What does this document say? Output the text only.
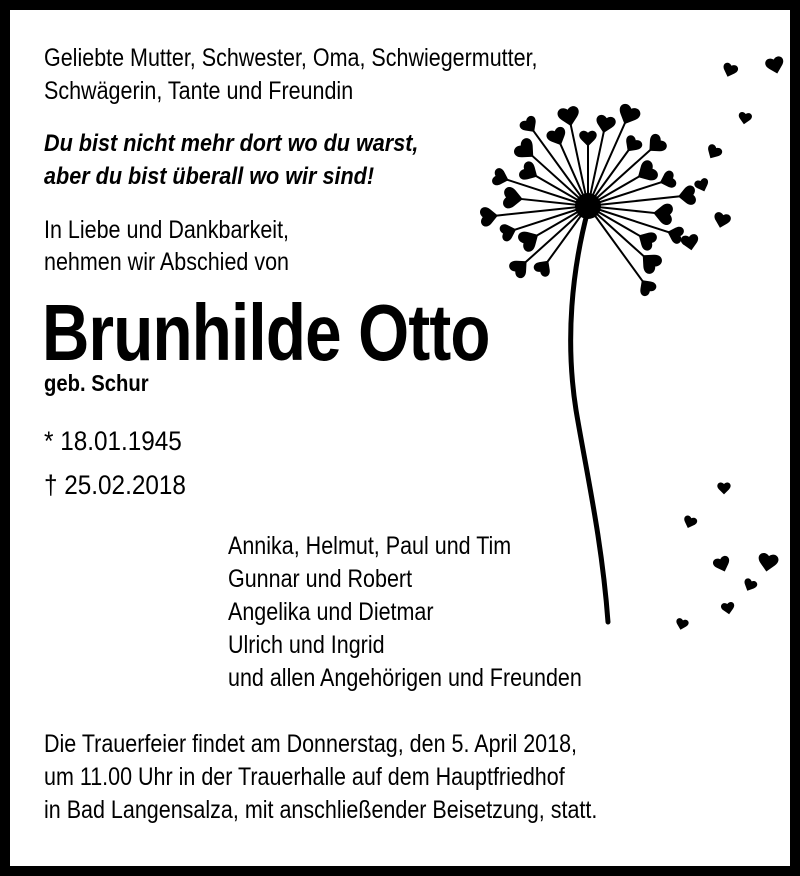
Geliebte Mutter, Schwester, Oma, Schwiegermutter,
Schwägerin, Tante und Freundin
Du bist nicht mehr dort wo du warst,
aber du bist überall wo wir sind!
In Liebe und Dankbarkeit,
nehmen wir Abschied von
Brunhilde Otto
geb. Schur
* 18.01.1945
† 25.02.2018
Annika, Helmut, Paul und Tim
Gunnar und Robert
Angelika und Dietmar
Ulrich und Ingrid
und allen Angehörigen und Freunden
Die Trauerfeier findet am Donnerstag, den 5. April 2018,
um 11.00 Uhr in der Trauerhalle auf dem Hauptfriedhof
in Bad Langensalza, mit anschließender Beisetzung, statt.
